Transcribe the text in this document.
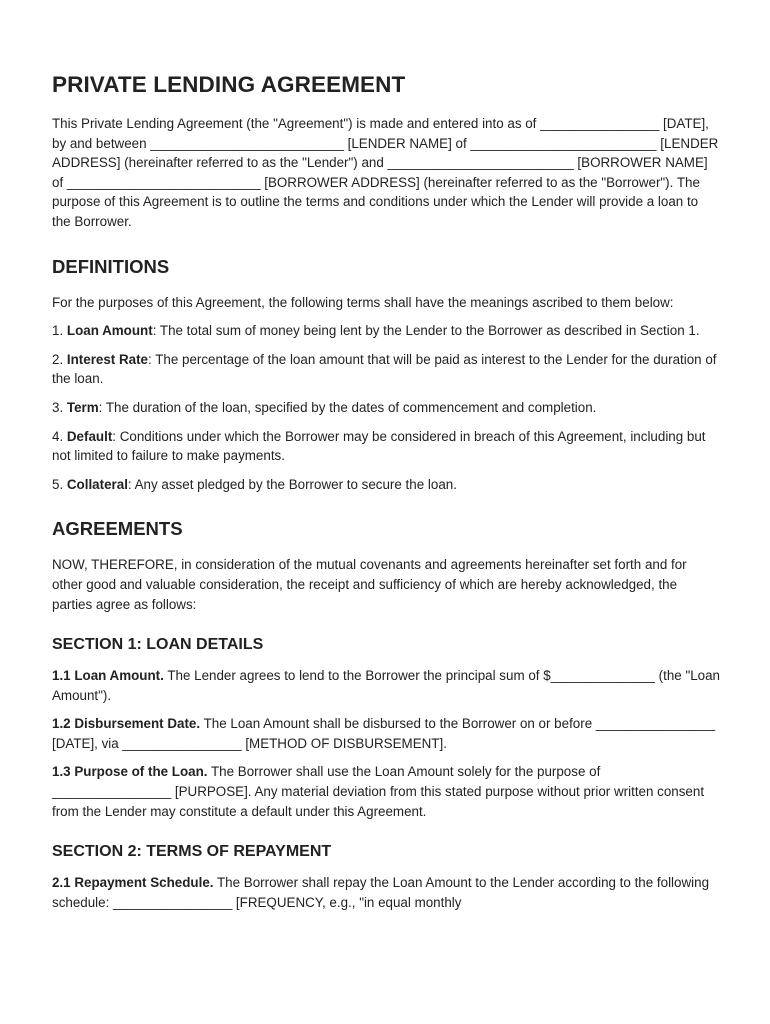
PRIVATE LENDING AGREEMENT

This Private Lending Agreement (the "Agreement") is made and entered into as of ________________ [DATE], by and between __________________________ [LENDER NAME] of _________________________ [LENDER ADDRESS] (hereinafter referred to as the "Lender") and _________________________ [BORROWER NAME] of __________________________ [BORROWER ADDRESS] (hereinafter referred to as the "Borrower"). The purpose of this Agreement is to outline the terms and conditions under which the Lender will provide a loan to the Borrower.

DEFINITIONS

For the purposes of this Agreement, the following terms shall have the meanings ascribed to them below:

1. Loan Amount: The total sum of money being lent by the Lender to the Borrower as described in Section 1.

2. Interest Rate: The percentage of the loan amount that will be paid as interest to the Lender for the duration of the loan.

3. Term: The duration of the loan, specified by the dates of commencement and completion.

4. Default: Conditions under which the Borrower may be considered in breach of this Agreement, including but not limited to failure to make payments.

5. Collateral: Any asset pledged by the Borrower to secure the loan.

AGREEMENTS

NOW, THEREFORE, in consideration of the mutual covenants and agreements hereinafter set forth and for other good and valuable consideration, the receipt and sufficiency of which are hereby acknowledged, the parties agree as follows:

SECTION 1: LOAN DETAILS

1.1 Loan Amount. The Lender agrees to lend to the Borrower the principal sum of $______________ (the "Loan Amount").

1.2 Disbursement Date. The Loan Amount shall be disbursed to the Borrower on or before ________________ [DATE], via ________________ [METHOD OF DISBURSEMENT].

1.3 Purpose of the Loan. The Borrower shall use the Loan Amount solely for the purpose of ________________ [PURPOSE]. Any material deviation from this stated purpose without prior written consent from the Lender may constitute a default under this Agreement.

SECTION 2: TERMS OF REPAYMENT

2.1 Repayment Schedule. The Borrower shall repay the Loan Amount to the Lender according to the following schedule: ________________ [FREQUENCY, e.g., "in equal monthly
